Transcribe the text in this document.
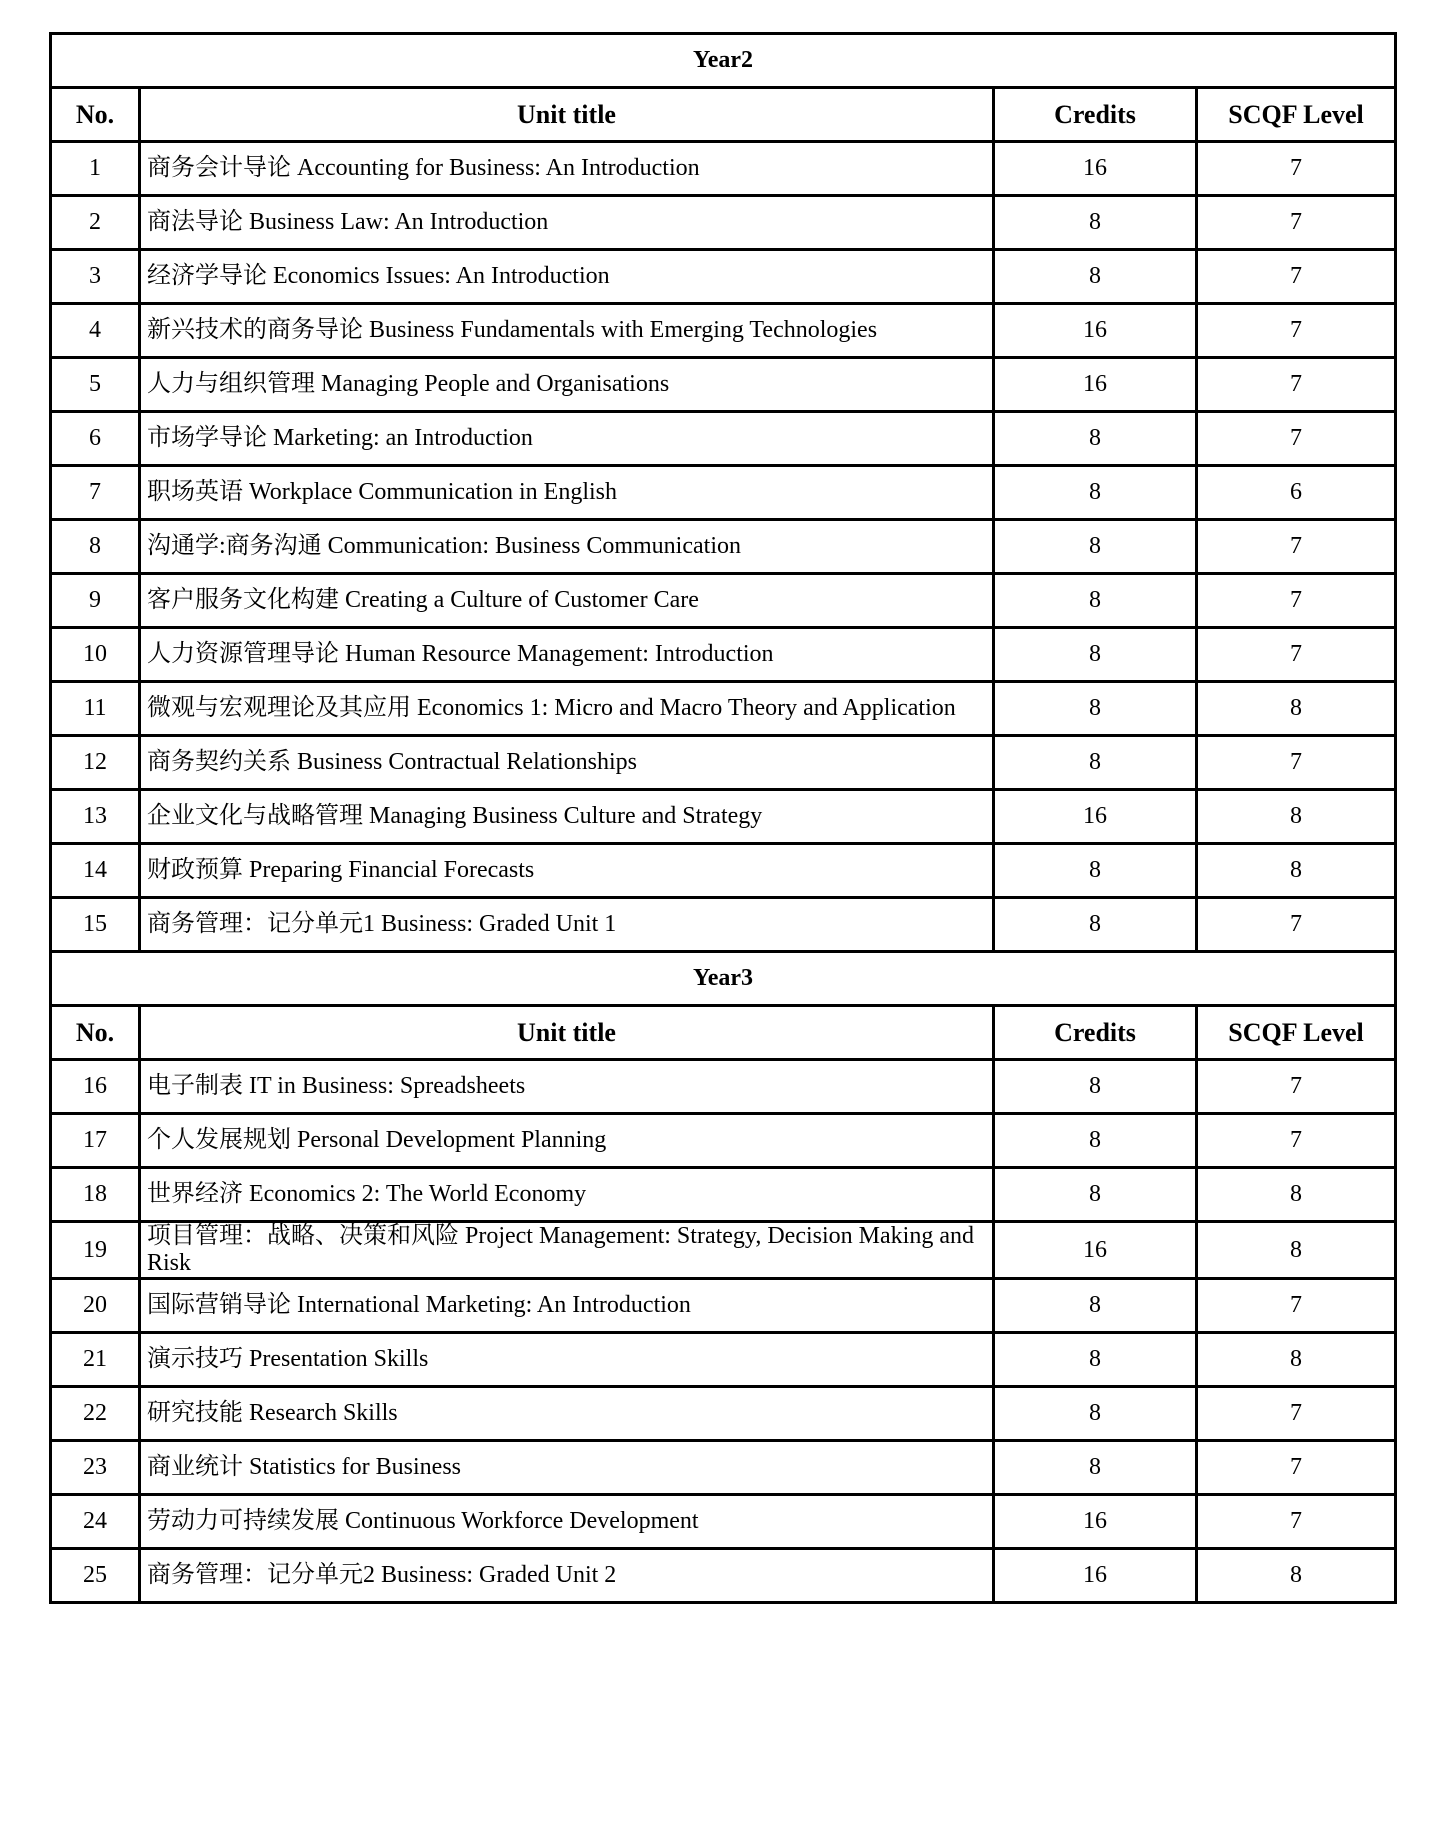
Year2			
No.	Unit title	Credits	SCQF Level
1	商务会计导论 Accounting for Business: An Introduction	16	7
2	商法导论 Business Law: An Introduction	8	7
3	经济学导论 Economics Issues: An Introduction	8	7
4	新兴技术的商务导论 Business Fundamentals with Emerging Technologies	16	7
5	人力与组织管理 Managing People and Organisations	16	7
6	市场学导论 Marketing: an Introduction	8	7
7	职场英语 Workplace Communication in English	8	6
8	沟通学:商务沟通 Communication: Business Communication	8	7
9	客户服务文化构建 Creating a Culture of Customer Care	8	7
10	人力资源管理导论 Human Resource Management: Introduction	8	7
11	微观与宏观理论及其应用 Economics 1: Micro and Macro Theory and Application	8	8
12	商务契约关系 Business Contractual Relationships	8	7
13	企业文化与战略管理 Managing Business Culture and Strategy	16	8
14	财政预算 Preparing Financial Forecasts	8	8
15	商务管理：记分单元1 Business: Graded Unit 1	8	7
Year3			
No.	Unit title	Credits	SCQF Level
16	电子制表 IT in Business: Spreadsheets	8	7
17	个人发展规划 Personal Development Planning	8	7
18	世界经济 Economics 2: The World Economy	8	8
19	项目管理：战略、决策和风险 Project Management: Strategy, Decision Making and Risk	16	8
20	国际营销导论 International Marketing: An Introduction	8	7
21	演示技巧 Presentation Skills	8	8
22	研究技能 Research Skills	8	7
23	商业统计 Statistics for Business	8	7
24	劳动力可持续发展 Continuous Workforce Development	16	7
25	商务管理：记分单元2 Business: Graded Unit 2	16	8
